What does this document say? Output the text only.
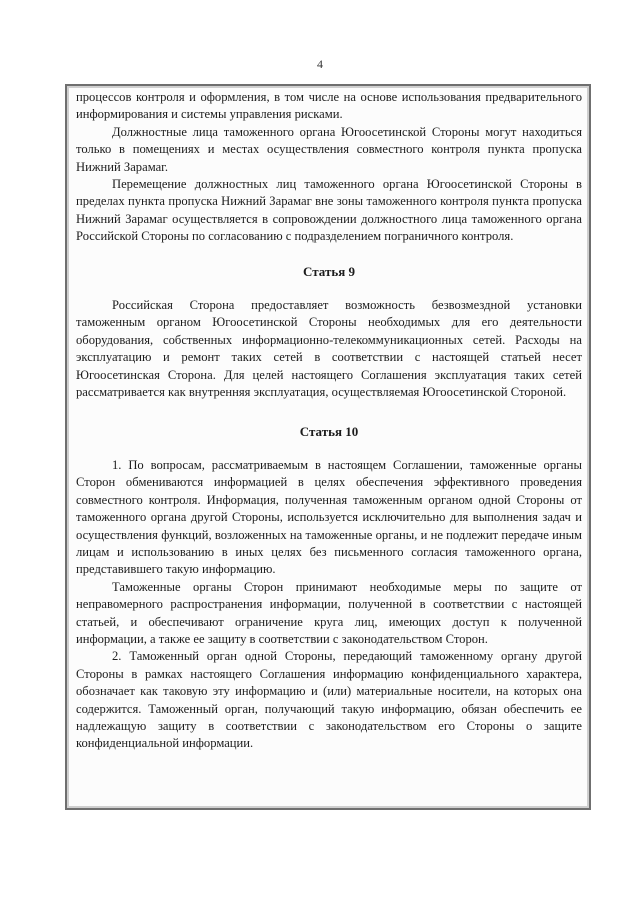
4

процессов контроля и оформления, в том числе на основе использования предварительного информирования и системы управления рисками.

Должностные лица таможенного органа Югоосетинской Стороны могут находиться только в помещениях и местах осуществления совместного контроля пункта пропуска Нижний Зарамаг.

Перемещение должностных лиц таможенного органа Югоосетинской Стороны в пределах пункта пропуска Нижний Зарамаг вне зоны таможенного контроля пункта пропуска Нижний Зарамаг осуществляется в сопровождении должностного лица таможенного органа Российской Стороны по согласованию с подразделением пограничного контроля.

Статья 9

Российская Сторона предоставляет возможность безвозмездной установки таможенным органом Югоосетинской Стороны необходимых для его деятельности оборудования, собственных информационно-телекоммуникационных сетей. Расходы на эксплуатацию и ремонт таких сетей в соответствии с настоящей статьей несет Югоосетинская Сторона. Для целей настоящего Соглашения эксплуатация таких сетей рассматривается как внутренняя эксплуатация, осуществляемая Югоосетинской Стороной.

Статья 10

1. По вопросам, рассматриваемым в настоящем Соглашении, таможенные органы Сторон обмениваются информацией в целях обеспечения эффективного проведения совместного контроля. Информация, полученная таможенным органом одной Стороны от таможенного органа другой Стороны, используется исключительно для выполнения задач и осуществления функций, возложенных на таможенные органы, и не подлежит передаче иным лицам и использованию в иных целях без письменного согласия таможенного органа, представившего такую информацию.

Таможенные органы Сторон принимают необходимые меры по защите от неправомерного распространения информации, полученной в соответствии с настоящей статьей, и обеспечивают ограничение круга лиц, имеющих доступ к полученной информации, а также ее защиту в соответствии с законодательством Сторон.

2. Таможенный орган одной Стороны, передающий таможенному органу другой Стороны в рамках настоящего Соглашения информацию конфиденциального характера, обозначает как таковую эту информацию и (или) материальные носители, на которых она содержится. Таможенный орган, получающий такую информацию, обязан обеспечить ее надлежащую защиту в соответствии с законодательством его Стороны о защите конфиденциальной информации.
